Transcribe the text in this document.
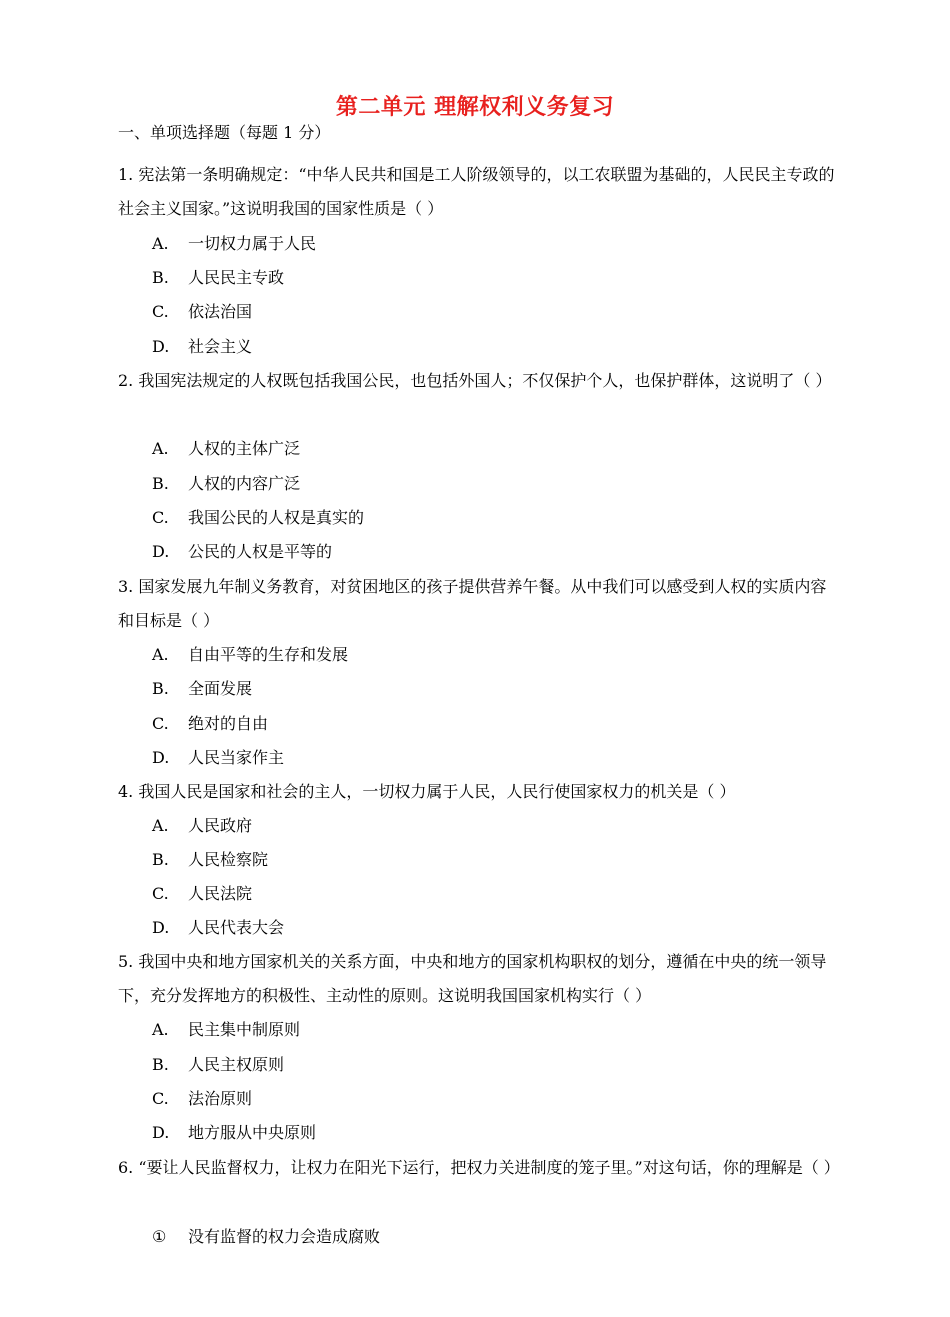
第二单元 理解权利义务复习
一、单项选择题（每题 1 分）
1. 宪法第一条明确规定：“中华人民共和国是工人阶级领导的，以工农联盟为基础的，人民民主专政的社会主义国家。”这说明我国的国家性质是（ ）
A. 一切权力属于人民
B. 人民民主专政
C. 依法治国
D. 社会主义
2. 我国宪法规定的人权既包括我国公民，也包括外国人；不仅保护个人，也保护群体，这说明了（ ）
A. 人权的主体广泛
B. 人权的内容广泛
C. 我国公民的人权是真实的
D. 公民的人权是平等的
3. 国家发展九年制义务教育，对贫困地区的孩子提供营养午餐。从中我们可以感受到人权的实质内容和目标是（ ）
A. 自由平等的生存和发展
B. 全面发展
C. 绝对的自由
D. 人民当家作主
4. 我国人民是国家和社会的主人，一切权力属于人民，人民行使国家权力的机关是（ ）
A. 人民政府
B. 人民检察院
C. 人民法院
D. 人民代表大会
5. 我国中央和地方国家机关的关系方面，中央和地方的国家机构职权的划分，遵循在中央的统一领导下，充分发挥地方的积极性、主动性的原则。这说明我国国家机构实行（ ）
A. 民主集中制原则
B. 人民主权原则
C. 法治原则
D. 地方服从中央原则
6. “要让人民监督权力，让权力在阳光下运行，把权力关进制度的笼子里。”对这句话，你的理解是（ ）
① 没有监督的权力会造成腐败
